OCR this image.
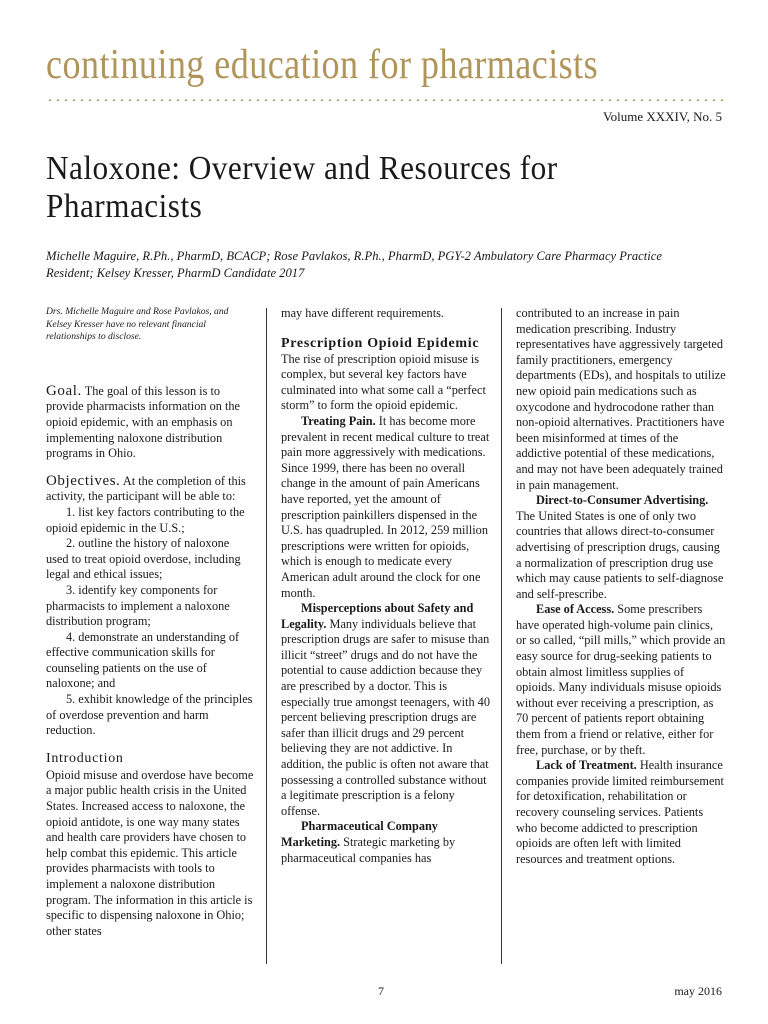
continuing education for pharmacists
Volume XXXIV, No. 5
Naloxone: Overview and Resources for
Pharmacists
Michelle Maguire, R.Ph., PharmD, BCACP; Rose Pavlakos, R.Ph., PharmD, PGY-2 Ambulatory Care Pharmacy Practice Resident; Kelsey Kresser, PharmD Candidate 2017

Drs. Michelle Maguire and Rose Pavlakos, and Kelsey Kresser have no relevant financial relationships to disclose.

Goal. The goal of this lesson is to provide pharmacists information on the opioid epidemic, with an emphasis on implementing naloxone distribution programs in Ohio.

Objectives. At the completion of this activity, the participant will be able to:

1. list key factors contributing to the opioid epidemic in the U.S.;

2. outline the history of naloxone used to treat opioid overdose, including legal and ethical issues;

3. identify key components for pharmacists to implement a naloxone distribution program;

4. demonstrate an understanding of effective communication skills for counseling patients on the use of naloxone; and

5. exhibit knowledge of the principles of overdose prevention and harm reduction.

Introduction

Opioid misuse and overdose have become a major public health crisis in the United States. Increased access to naloxone, the opioid antidote, is one way many states and health care providers have chosen to help combat this epidemic. This article provides pharmacists with tools to implement a naloxone distribution program. The information in this article is specific to dispensing naloxone in Ohio; other states

may have different requirements.

Prescription Opioid Epidemic

The rise of prescription opioid misuse is complex, but several key factors have culminated into what some call a “perfect storm” to form the opioid epidemic.

Treating Pain. It has become more prevalent in recent medical culture to treat pain more aggressively with medications. Since 1999, there has been no overall change in the amount of pain Americans have reported, yet the amount of prescription painkillers dispensed in the U.S. has quadrupled. In 2012, 259 million prescriptions were written for opioids, which is enough to medicate every American adult around the clock for one month.

Misperceptions about Safety and Legality. Many individuals believe that prescription drugs are safer to misuse than illicit “street” drugs and do not have the potential to cause addiction because they are prescribed by a doctor. This is especially true amongst teenagers, with 40 percent believing prescription drugs are safer than illicit drugs and 29 percent believing they are not addictive. In addition, the public is often not aware that possessing a controlled substance without a legitimate prescription is a felony offense.

Pharmaceutical Company Marketing. Strategic marketing by pharmaceutical companies has

contributed to an increase in pain medication prescribing. Industry representatives have aggressively targeted family practitioners, emergency departments (EDs), and hospitals to utilize new opioid pain medications such as oxycodone and hydrocodone rather than non-opioid alternatives. Practitioners have been misinformed at times of the addictive potential of these medications, and may not have been adequately trained in pain management.

Direct-to-Consumer Advertising. The United States is one of only two countries that allows direct-to-consumer advertising of prescription drugs, causing a normalization of prescription drug use which may cause patients to self-diagnose and self-prescribe.

Ease of Access. Some prescribers have operated high-volume pain clinics, or so called, “pill mills,” which provide an easy source for drug-seeking patients to obtain almost limitless supplies of opioids. Many individuals misuse opioids without ever receiving a prescription, as 70 percent of patients report obtaining them from a friend or relative, either for free, purchase, or by theft.

Lack of Treatment. Health insurance companies provide limited reimbursement for detoxification, rehabilitation or recovery counseling services. Patients who become addicted to prescription opioids are often left with limited resources and treatment options.

7	may 2016
